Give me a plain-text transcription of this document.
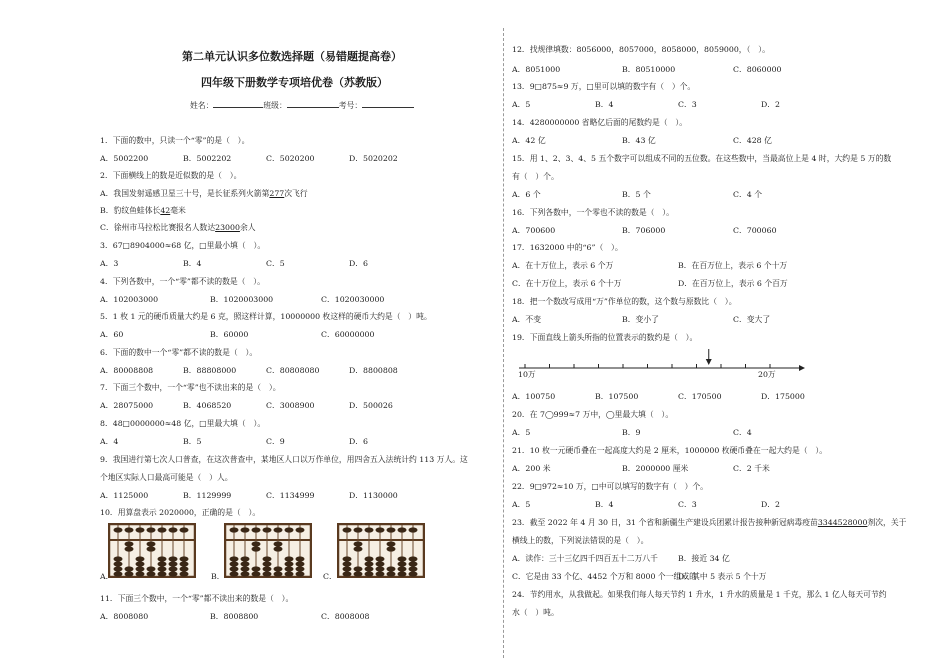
第二单元认识多位数选择题（易错题提高卷）
四年级下册数学专项培优卷（苏教版）
姓名：	班级：	考号：
1．下面的数中，只读一个“零”的是（　）。
A．5002200	B．5002202	C．5020200	D．5020202
2．下面横线上的数是近似数的是（　）。
A．我国发射遥感卫星三十号，是长征系列火箭第277次飞行
B．豹纹鱼蛙体长42毫米
C．徐州市马拉松比赛报名人数达23000余人
3．67□8904000≈68 亿，□里最小填（　）。
A．3	B．4	C．5	D．6
4．下列各数中，一个“零”都不读的数是（　）。
A．102003000	B．1020003000	C．1020030000
5．1 枚 1 元的硬币质量大约是 6 克，照这样计算，10000000 枚这样的硬币大约是（　）吨。
A．60	B．60000	C．60000000
6．下面的数中一个“零”都不读的数是（　）。
A．80008808	B．88808000	C．80808080	D．8800808
7．下面三个数中，一个“零”也不读出来的是（　）。
A．28075000	B．4068520	C．3008900	D．500026
8．48□0000000≈48 亿，□里最大填（　）。
A．4	B．5	C．9	D．6
9．我国进行第七次人口普查，在这次普查中，某地区人口以万作单位，用四舍五入法统计约 113 万人。这
个地区实际人口最高可能是（　）人。
A．1125000	B．1129999	C．1134999	D．1130000
10．用算盘表示 2020000，正确的是（　）。
A．	B．	C．
11．下面三个数中，一个“零”都不读出来的数是（　）。
A．8008080	B．8008800	C．8008008
12．找规律填数：8056000，8057000，8058000，8059000，（　）。
A．8051000	B．80510000	C．8060000
13．9□875≈9 万，□里可以填的数字有（　）个。
A．5	B．4	C．3	D．2
14．4280000000 省略亿后面的尾数约是（　）。
A．42 亿	B．43 亿	C．428 亿
15．用 1、2、3、4、5 五个数字可以组成不同的五位数。在这些数中，当最高位上是 4 时，大约是 5 万的数
有（　）个。
A．6 个	B．5 个	C．4 个
16．下列各数中，一个零也不读的数是（　）。
A．700600	B．706000	C．700060
17．1632000 中的“6”（　）。
A．在十万位上，表示 6 个万	B．在百万位上，表示 6 个十万
C．在十万位上，表示 6 个十万	D．在百万位上，表示 6 个百万
18．把一个数改写成用“万”作单位的数，这个数与原数比（　）。
A．不变	B．变小了	C．变大了
19．下面直线上箭头所指的位置表示的数约是（　）。
10万	20万
A．100750	B．107500	C．170500	D．175000
20．在 7◯999≈7 万中，◯里最大填（　）。
A．5	B．9	C．4
21．10 枚一元硬币叠在一起高度大约是 2 厘米，1000000 枚硬币叠在一起大约是（　）。
A．200 米	B．2000000 厘米	C．2 千米
22．9□972≈10 万，□中可以填写的数字有（　）个。
A．5	B．4	C．3	D．2
23．截至 2022 年 4 月 30 日，31 个省和新疆生产建设兵团累计报告接种新冠病毒疫苗3344528000剂次，关于
横线上的数，下列说法错误的是（　）。
A．读作：三十三亿四千四百五十二万八千	B．接近 34 亿
C．它是由 33 个亿、4452 个万和 8000 个一组成的
D．其中 5 表示 5 个十万
24．节约用水，从我做起。如果我们每人每天节约 1 升水，1 升水的质量是 1 千克，那么 1 亿人每天可节约
水（　）吨。
